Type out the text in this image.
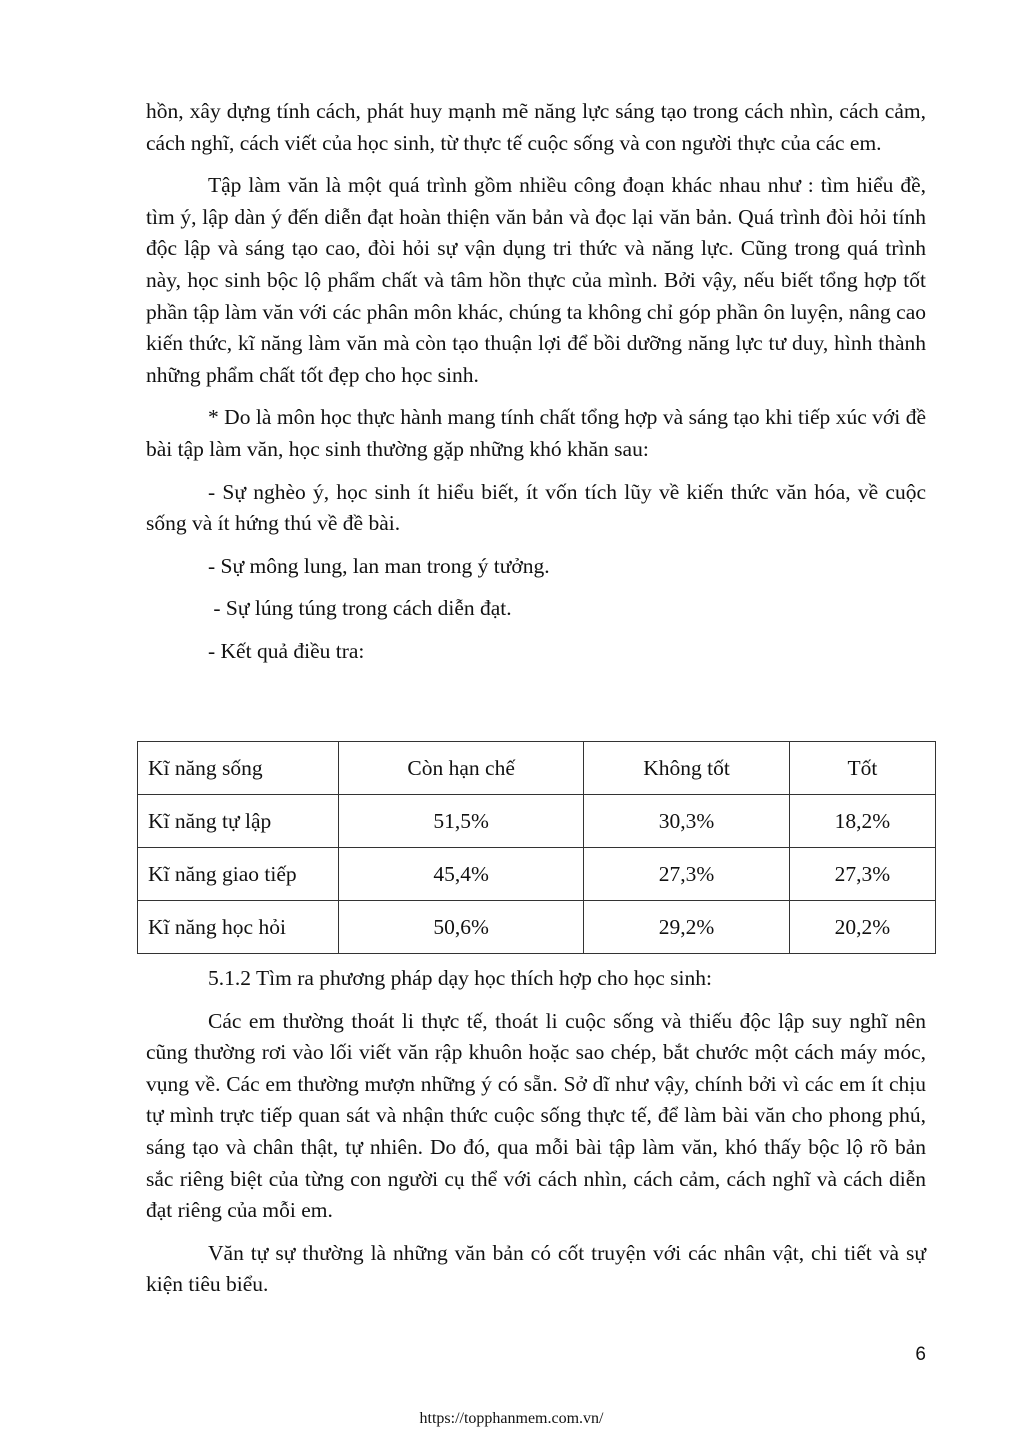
hồn, xây dựng tính cách, phát huy mạnh mẽ năng lực sáng tạo trong cách nhìn, cách cảm, cách nghĩ, cách viết của học sinh, từ thực tế cuộc sống và con người thực của các em.

Tập làm văn là một quá trình gồm nhiều công đoạn khác nhau như : tìm hiểu đề, tìm ý, lập dàn ý đến diễn đạt hoàn thiện văn bản và đọc lại văn bản. Quá trình đòi hỏi tính độc lập và sáng tạo cao, đòi hỏi sự vận dụng tri thức và năng lực. Cũng trong quá trình này, học sinh bộc lộ phẩm chất và tâm hồn thực của mình. Bởi vậy, nếu biết tổng hợp tốt phần tập làm văn với các phân môn khác, chúng ta không chỉ góp phần ôn luyện, nâng cao kiến thức, kĩ năng làm văn mà còn tạo thuận lợi để bồi dưỡng năng lực tư duy, hình thành những phẩm chất tốt đẹp cho học sinh.

* Do là môn học thực hành mang tính chất tổng hợp và sáng tạo khi tiếp xúc với đề bài tập làm văn, học sinh thường gặp những khó khăn sau:

- Sự nghèo ý, học sinh ít hiểu biết, ít vốn tích lũy về kiến thức văn hóa, về cuộc sống và ít hứng thú về đề bài.

- Sự mông lung, lan man trong ý tưởng.

- Sự lúng túng trong cách diễn đạt.

- Kết quả điều tra:

Kĩ năng sống	Còn hạn chế	Không tốt	Tốt
Kĩ năng tự lập	51,5%	30,3%	18,2%
Kĩ năng giao tiếp	45,4%	27,3%	27,3%
Kĩ năng học hỏi	50,6%	29,2%	20,2%

5.1.2 Tìm ra phương pháp dạy học thích hợp cho học sinh:

Các em thường thoát li thực tế, thoát li cuộc sống và thiếu độc lập suy nghĩ nên cũng thường rơi vào lối viết văn rập khuôn hoặc sao chép, bắt chước một cách máy móc, vụng về. Các em thường mượn những ý có sẵn. Sở dĩ như vậy, chính bởi vì các em ít chịu tự mình trực tiếp quan sát và nhận thức cuộc sống thực tế, để làm bài văn cho phong phú, sáng tạo và chân thật, tự nhiên. Do đó, qua mỗi bài tập làm văn, khó thấy bộc lộ rõ bản sắc riêng biệt của từng con người cụ thể với cách nhìn, cách cảm, cách nghĩ và cách diễn đạt riêng của mỗi em.

Văn tự sự thường là những văn bản có cốt truyện với các nhân vật, chi tiết và sự kiện tiêu biểu.

6
https://topphanmem.com.vn/
